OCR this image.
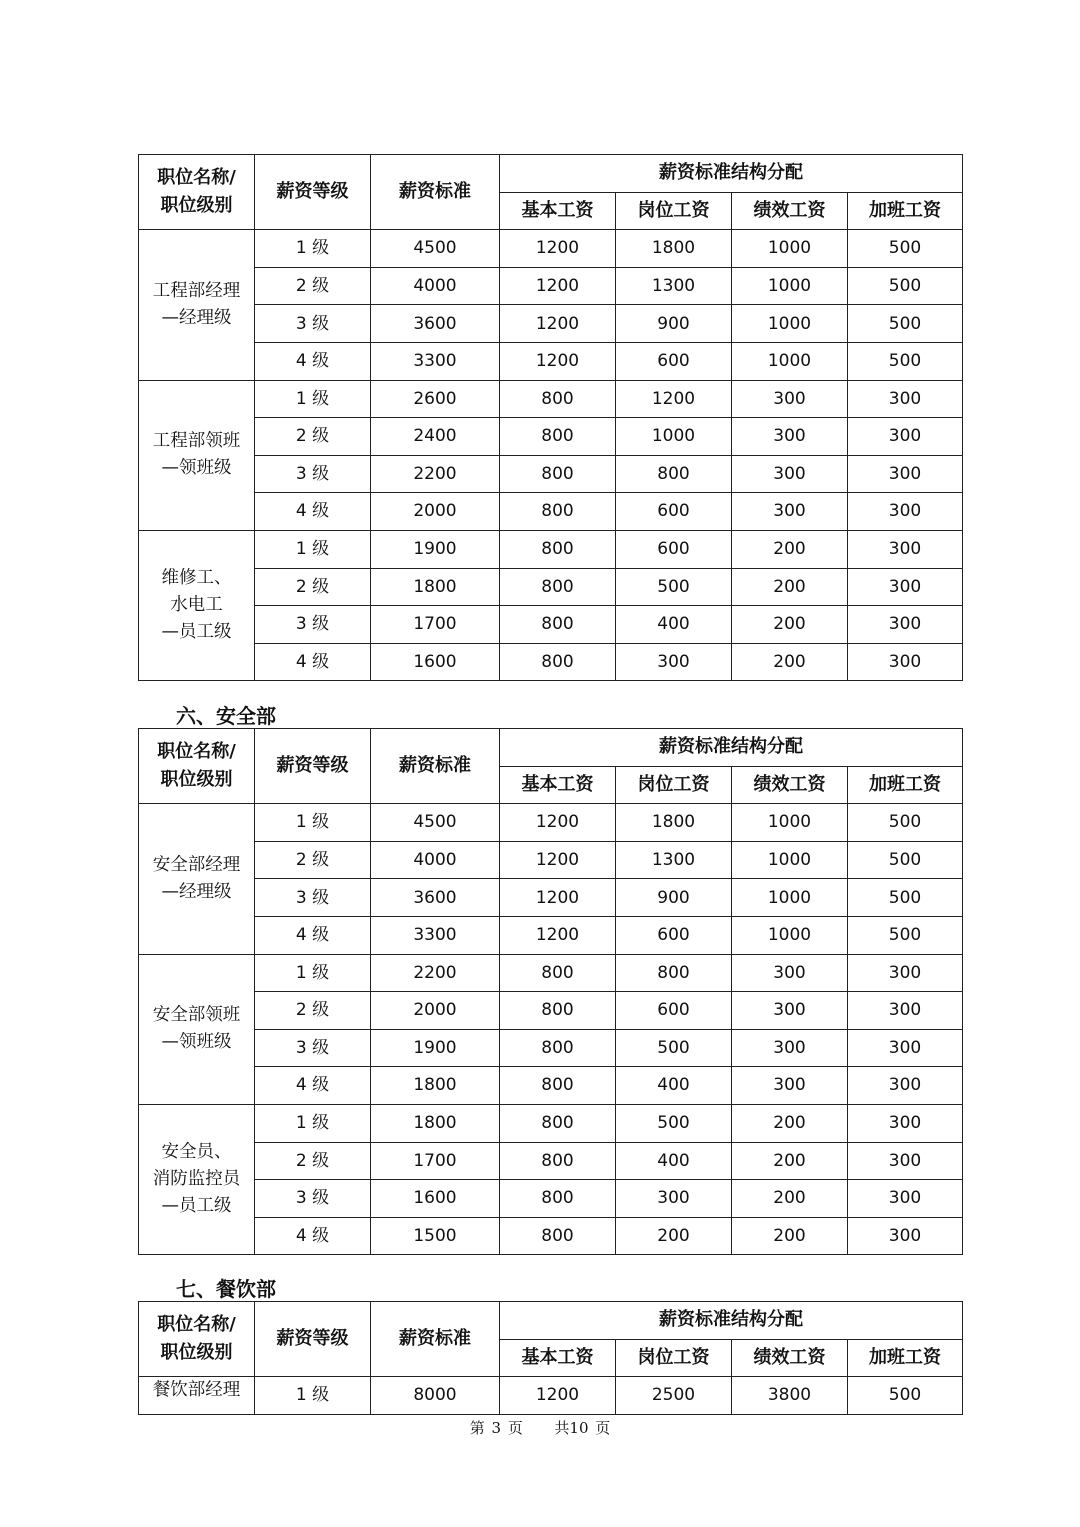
职位名称/
职位级别	薪资等级	薪资标准	薪资标准结构分配			
			基本工资	岗位工资	绩效工资	加班工资
工程部经理
—经理级	1 级	4500	1200	1800	1000	500
	2 级	4000	1200	1300	1000	500
	3 级	3600	1200	900	1000	500
	4 级	3300	1200	600	1000	500
工程部领班
—领班级	1 级	2600	800	1200	300	300
	2 级	2400	800	1000	300	300
	3 级	2200	800	800	300	300
	4 级	2000	800	600	300	300
维修工、
水电工
—员工级	1 级	1900	800	600	200	300
	2 级	1800	800	500	200	300
	3 级	1700	800	400	200	300
	4 级	1600	800	300	200	300
六、安全部
职位名称/
职位级别	薪资等级	薪资标准	薪资标准结构分配			
			基本工资	岗位工资	绩效工资	加班工资
安全部经理
—经理级	1 级	4500	1200	1800	1000	500
	2 级	4000	1200	1300	1000	500
	3 级	3600	1200	900	1000	500
	4 级	3300	1200	600	1000	500
安全部领班
—领班级	1 级	2200	800	800	300	300
	2 级	2000	800	600	300	300
	3 级	1900	800	500	300	300
	4 级	1800	800	400	300	300
安全员、
消防监控员
—员工级	1 级	1800	800	500	200	300
	2 级	1700	800	400	200	300
	3 级	1600	800	300	200	300
	4 级	1500	800	200	200	300
七、餐饮部
职位名称/
职位级别	薪资等级	薪资标准	薪资标准结构分配			
			基本工资	岗位工资	绩效工资	加班工资
餐饮部经理	1 级	8000	1200	2500	3800	500
第 3 页 共10 页
